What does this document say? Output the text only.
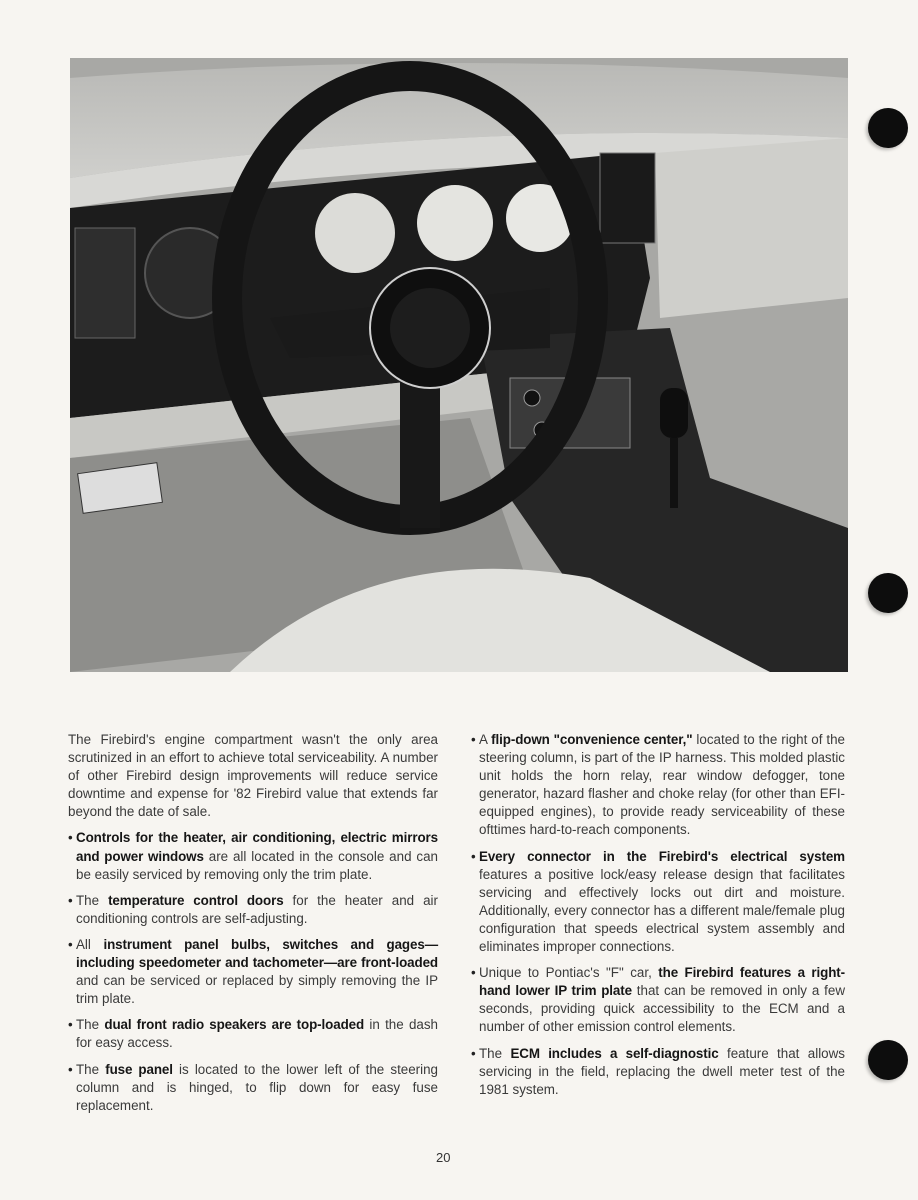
The Firebird's engine compartment wasn't the only area scrutinized in an effort to achieve total serviceability. A number of other Firebird design improvements will reduce service downtime and expense for '82 Firebird value that extends far beyond the date of sale.

• Controls for the heater, air conditioning, electric mirrors and power windows are all located in the console and can be easily serviced by removing only the trim plate.
• The temperature control doors for the heater and air conditioning controls are self-adjusting.
• All instrument panel bulbs, switches and gages—including speedometer and tachometer—are front-loaded and can be serviced or replaced by simply removing the IP trim plate.
• The dual front radio speakers are top-loaded in the dash for easy access.
• The fuse panel is located to the lower left of the steering column and is hinged, to flip down for easy fuse replacement.
• A flip-down "convenience center," located to the right of the steering column, is part of the IP harness. This molded plastic unit holds the horn relay, rear window defogger, tone generator, hazard flasher and choke relay (for other than EFI-equipped engines), to provide ready serviceability of these ofttimes hard-to-reach components.
• Every connector in the Firebird's electrical system features a positive lock/easy release design that facilitates servicing and effectively locks out dirt and moisture. Additionally, every connector has a different male/female plug configuration that speeds electrical system assembly and eliminates improper connections.
• Unique to Pontiac's "F" car, the Firebird features a right-hand lower IP trim plate that can be removed in only a few seconds, providing quick accessibility to the ECM and a number of other emission control elements.
• The ECM includes a self-diagnostic feature that allows servicing in the field, replacing the dwell meter test of the 1981 system.
20
